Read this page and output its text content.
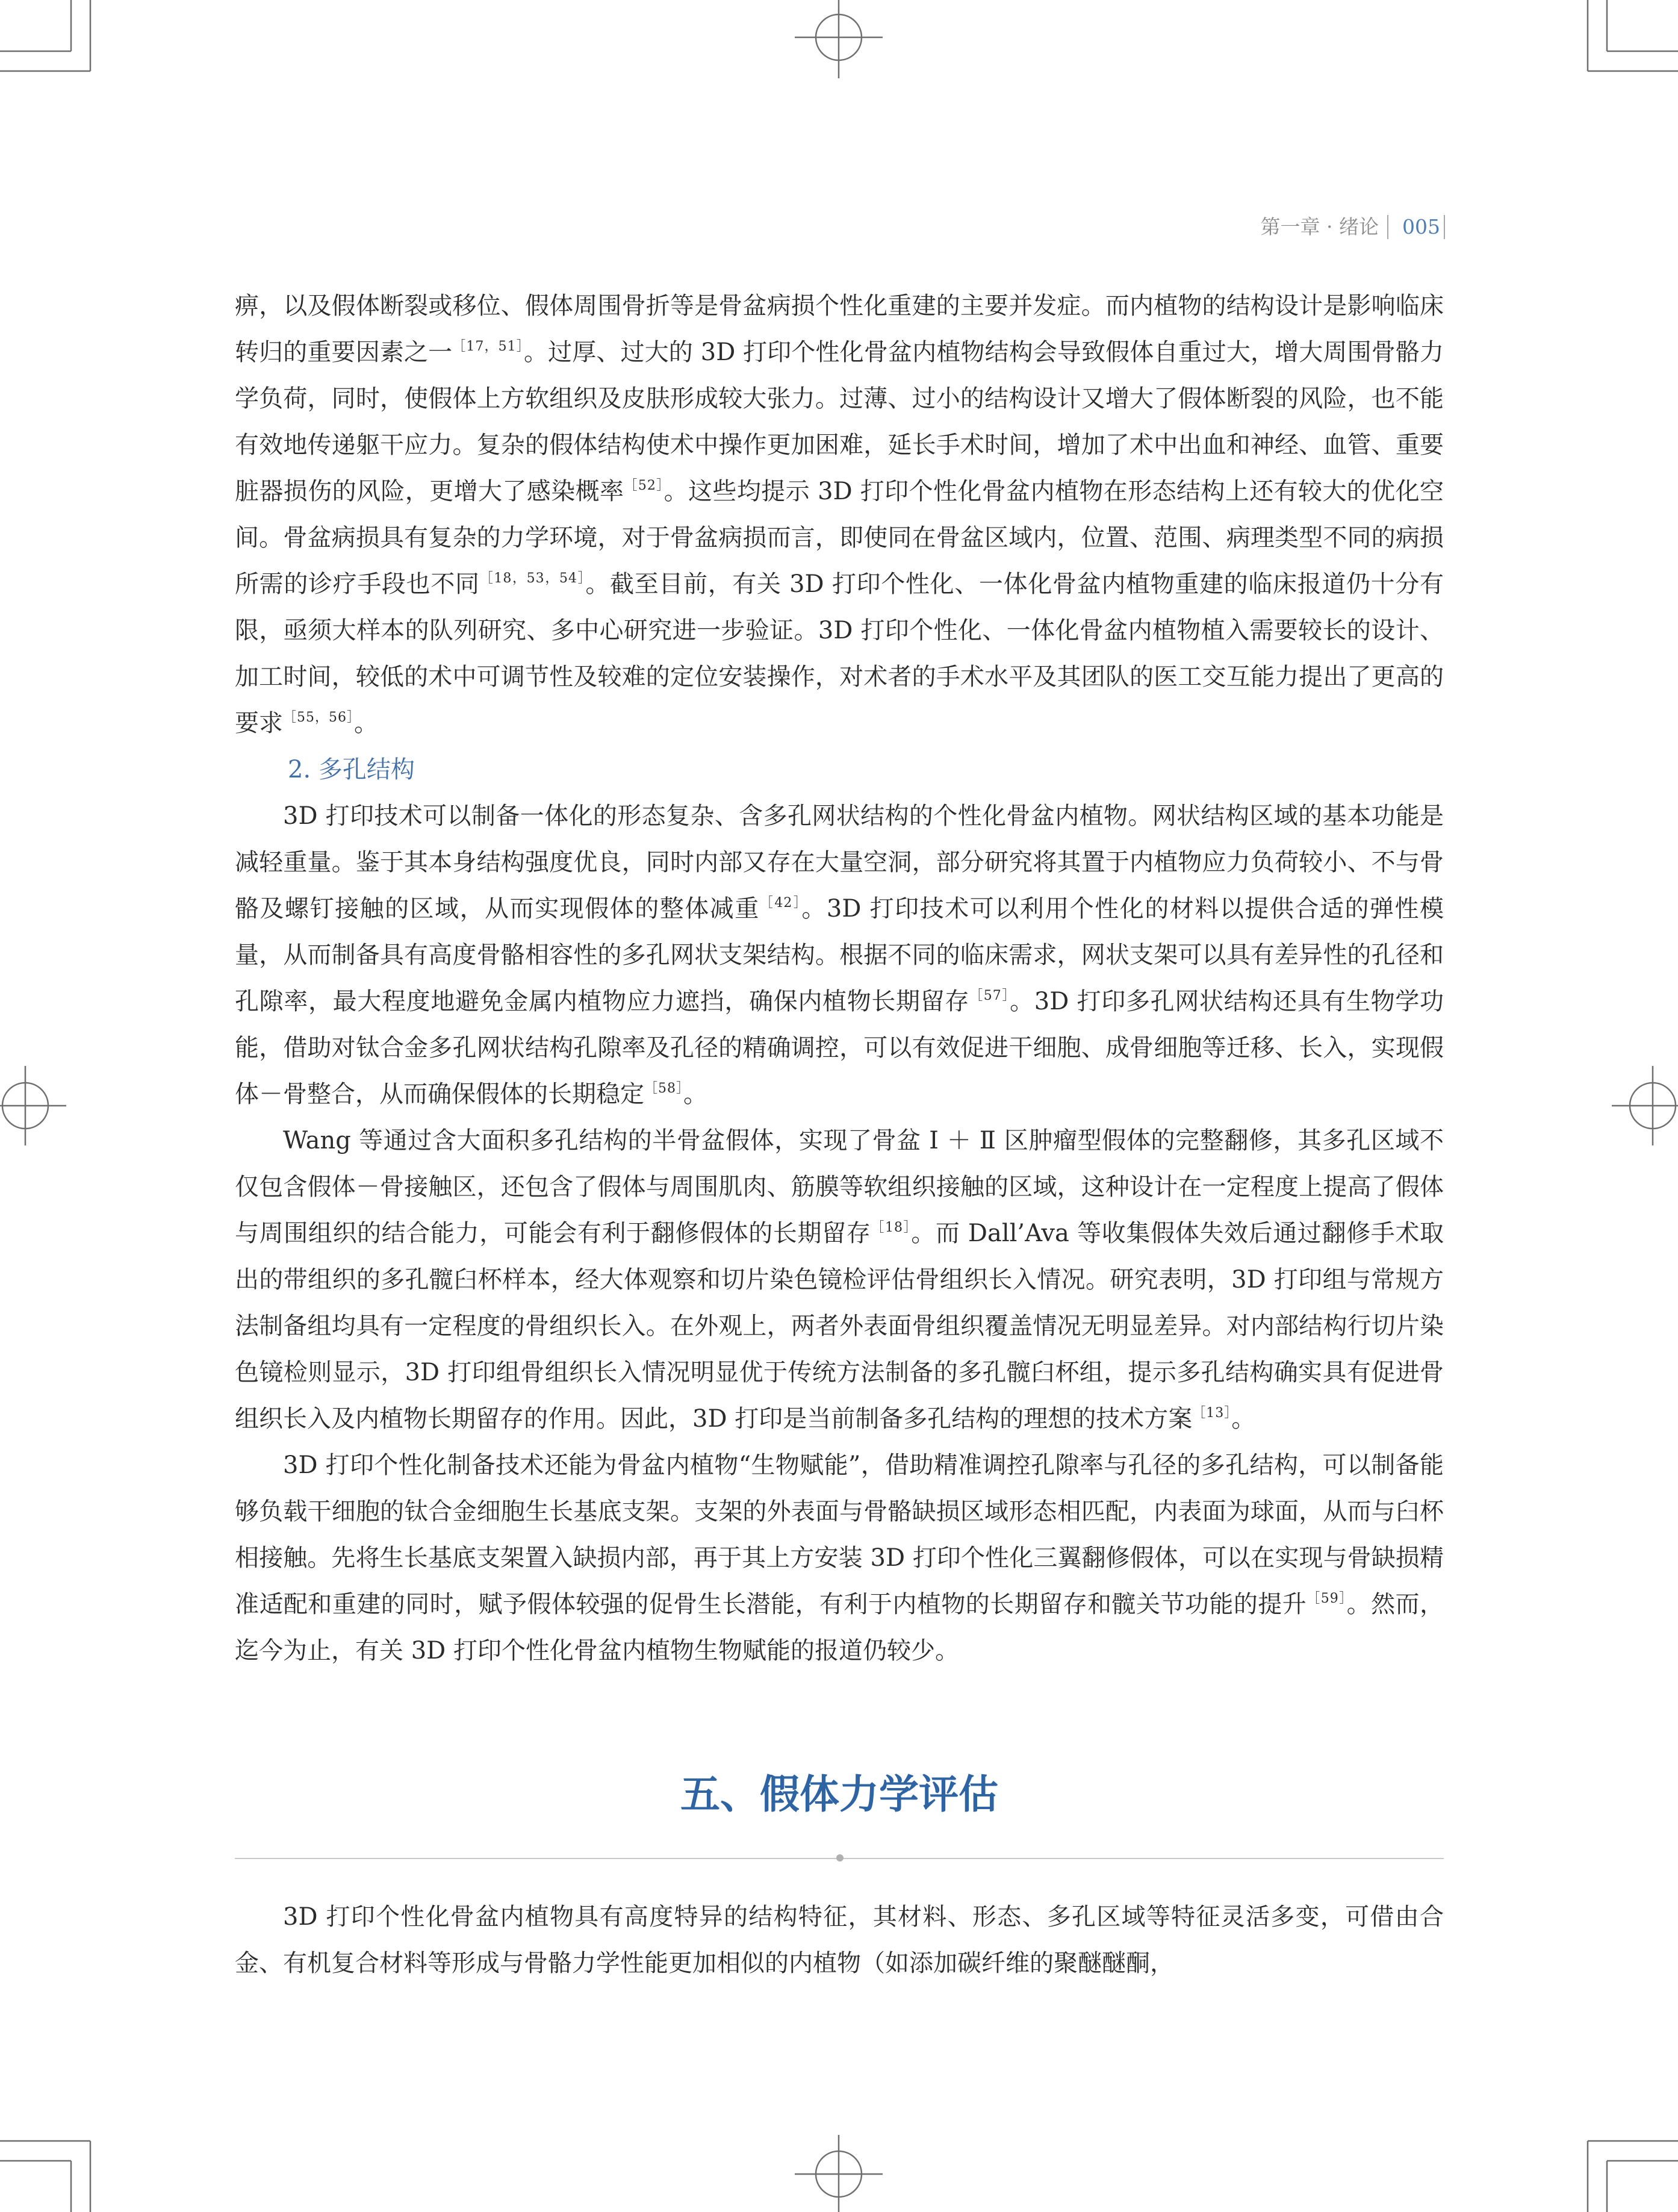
第一章 · 绪论 005

痹，以及假体断裂或移位、假体周围骨折等是骨盆病损个性化重建的主要并发症。而内植物的结构设计是影响临床转归的重要因素之一$^{[17,51]}$。过厚、过大的 3D 打印个性化骨盆内植物结构会导致假体自重过大，增大周围骨骼力学负荷，同时，使假体上方软组织及皮肤形成较大张力。过薄、过小的结构设计又增大了假体断裂的风险，也不能有效地传递躯干应力。复杂的假体结构使术中操作更加困难，延长手术时间，增加了术中出血和神经、血管、重要脏器损伤的风险，更增大了感染概率$^{[52]}$。这些均提示 3D 打印个性化骨盆内植物在形态结构上还有较大的优化空间。骨盆病损具有复杂的力学环境，对于骨盆病损而言，即使同在骨盆区域内，位置、范围、病理类型不同的病损所需的诊疗手段也不同$^{[18,53,54]}$。截至目前，有关 3D 打印个性化、一体化骨盆内植物重建的临床报道仍十分有限，亟须大样本的队列研究、多中心研究进一步验证。3D 打印个性化、一体化骨盆内植物植入需要较长的设计、加工时间，较低的术中可调节性及较难的定位安装操作，对术者的手术水平及其团队的医工交互能力提出了更高的要求$^{[55,56]}$。

2. 多孔结构

3D 打印技术可以制备一体化的形态复杂、含多孔网状结构的个性化骨盆内植物。网状结构区域的基本功能是减轻重量。鉴于其本身结构强度优良，同时内部又存在大量空洞，部分研究将其置于内植物应力负荷较小、不与骨骼及螺钉接触的区域，从而实现假体的整体减重$^{[42]}$。3D 打印技术可以利用个性化的材料以提供合适的弹性模量，从而制备具有高度骨骼相容性的多孔网状支架结构。根据不同的临床需求，网状支架可以具有差异性的孔径和孔隙率，最大程度地避免金属内植物应力遮挡，确保内植物长期留存$^{[57]}$。3D 打印多孔网状结构还具有生物学功能，借助对钛合金多孔网状结构孔隙率及孔径的精确调控，可以有效促进干细胞、成骨细胞等迁移、长入，实现假体－骨整合，从而确保假体的长期稳定$^{[58]}$。

Wang 等通过含大面积多孔结构的半骨盆假体，实现了骨盆 Ⅰ ＋ Ⅱ 区肿瘤型假体的完整翻修，其多孔区域不仅包含假体－骨接触区，还包含了假体与周围肌肉、筋膜等软组织接触的区域，这种设计在一定程度上提高了假体与周围组织的结合能力，可能会有利于翻修假体的长期留存$^{[18]}$。而 Dall’Ava 等收集假体失效后通过翻修手术取出的带组织的多孔髋臼杯样本，经大体观察和切片染色镜检评估骨组织长入情况。研究表明，3D 打印组与常规方法制备组均具有一定程度的骨组织长入。在外观上，两者外表面骨组织覆盖情况无明显差异。对内部结构行切片染色镜检则显示，3D 打印组骨组织长入情况明显优于传统方法制备的多孔髋臼杯组，提示多孔结构确实具有促进骨组织长入及内植物长期留存的作用。因此，3D 打印是当前制备多孔结构的理想的技术方案$^{[13]}$。

3D 打印个性化制备技术还能为骨盆内植物“生物赋能”，借助精准调控孔隙率与孔径的多孔结构，可以制备能够负载干细胞的钛合金细胞生长基底支架。支架的外表面与骨骼缺损区域形态相匹配，内表面为球面，从而与臼杯相接触。先将生长基底支架置入缺损内部，再于其上方安装 3D 打印个性化三翼翻修假体，可以在实现与骨缺损精准适配和重建的同时，赋予假体较强的促骨生长潜能，有利于内植物的长期留存和髋关节功能的提升$^{[59]}$。然而，迄今为止，有关 3D 打印个性化骨盆内植物生物赋能的报道仍较少。

五、假体力学评估

3D 打印个性化骨盆内植物具有高度特异的结构特征，其材料、形态、多孔区域等特征灵活多变，可借由合金、有机复合材料等形成与骨骼力学性能更加相似的内植物（如添加碳纤维的聚醚醚酮，
